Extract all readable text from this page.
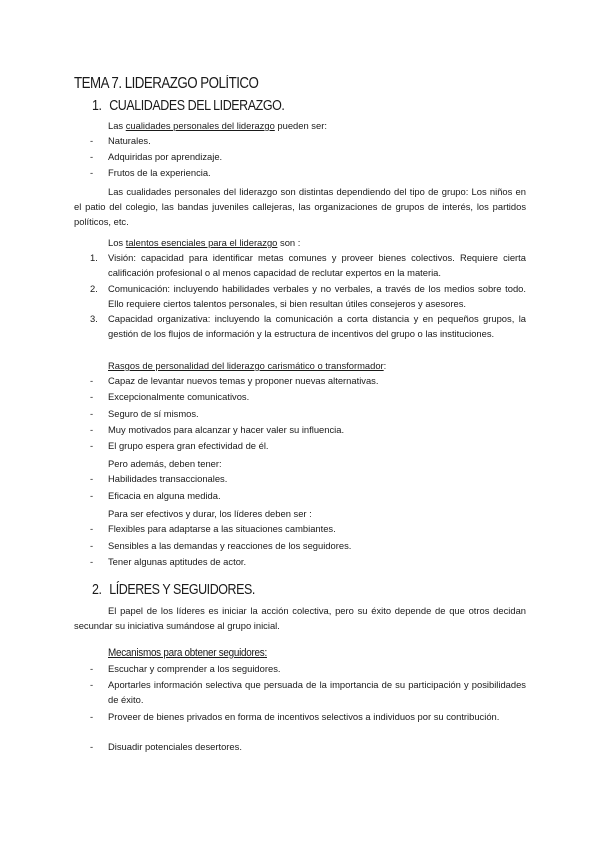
TEMA 7. LIDERAZGO POLÍTICO
1. CUALIDADES DEL LIDERAZGO.
Las cualidades personales del liderazgo pueden ser:
- Naturales.
- Adquiridas por aprendizaje.
- Frutos de la experiencia.
Las cualidades personales del liderazgo son distintas dependiendo del tipo de grupo: Los niños en el patio del colegio, las bandas juveniles callejeras, las organizaciones de grupos de interés, los partidos políticos, etc.
Los talentos esenciales para el liderazgo son :
1. Visión: capacidad para identificar metas comunes y proveer bienes colectivos. Requiere cierta calificación profesional o al menos capacidad de reclutar expertos en la materia.
2. Comunicación: incluyendo habilidades verbales y no verbales, a través de los medios sobre todo. Ello requiere ciertos talentos personales, si bien resultan útiles consejeros y asesores.
3. Capacidad organizativa: incluyendo la comunicación a corta distancia y en pequeños grupos, la gestión de los flujos de información y la estructura de incentivos del grupo o las instituciones.
Rasgos de personalidad del liderazgo carismático o transformador:
- Capaz de levantar nuevos temas y proponer nuevas alternativas.
- Excepcionalmente comunicativos.
- Seguro de sí mismos.
- Muy motivados para alcanzar y hacer valer su influencia.
- El grupo espera gran efectividad de él.
Pero además, deben tener:
- Habilidades transaccionales.
- Eficacia en alguna medida.
Para ser efectivos y durar, los líderes deben ser :
- Flexibles para adaptarse a las situaciones cambiantes.
- Sensibles a las demandas y reacciones de los seguidores.
- Tener algunas aptitudes de actor.
2. LÍDERES Y SEGUIDORES.
El papel de los líderes es iniciar la acción colectiva, pero su éxito depende de que otros decidan secundar su iniciativa sumándose al grupo inicial.
Mecanismos para obtener seguidores:
- Escuchar y comprender a los seguidores.
- Aportarles información selectiva que persuada de la importancia de su participación y posibilidades de éxito.
- Proveer de bienes privados en forma de incentivos selectivos a individuos por su contribución.
- Disuadir potenciales desertores.
